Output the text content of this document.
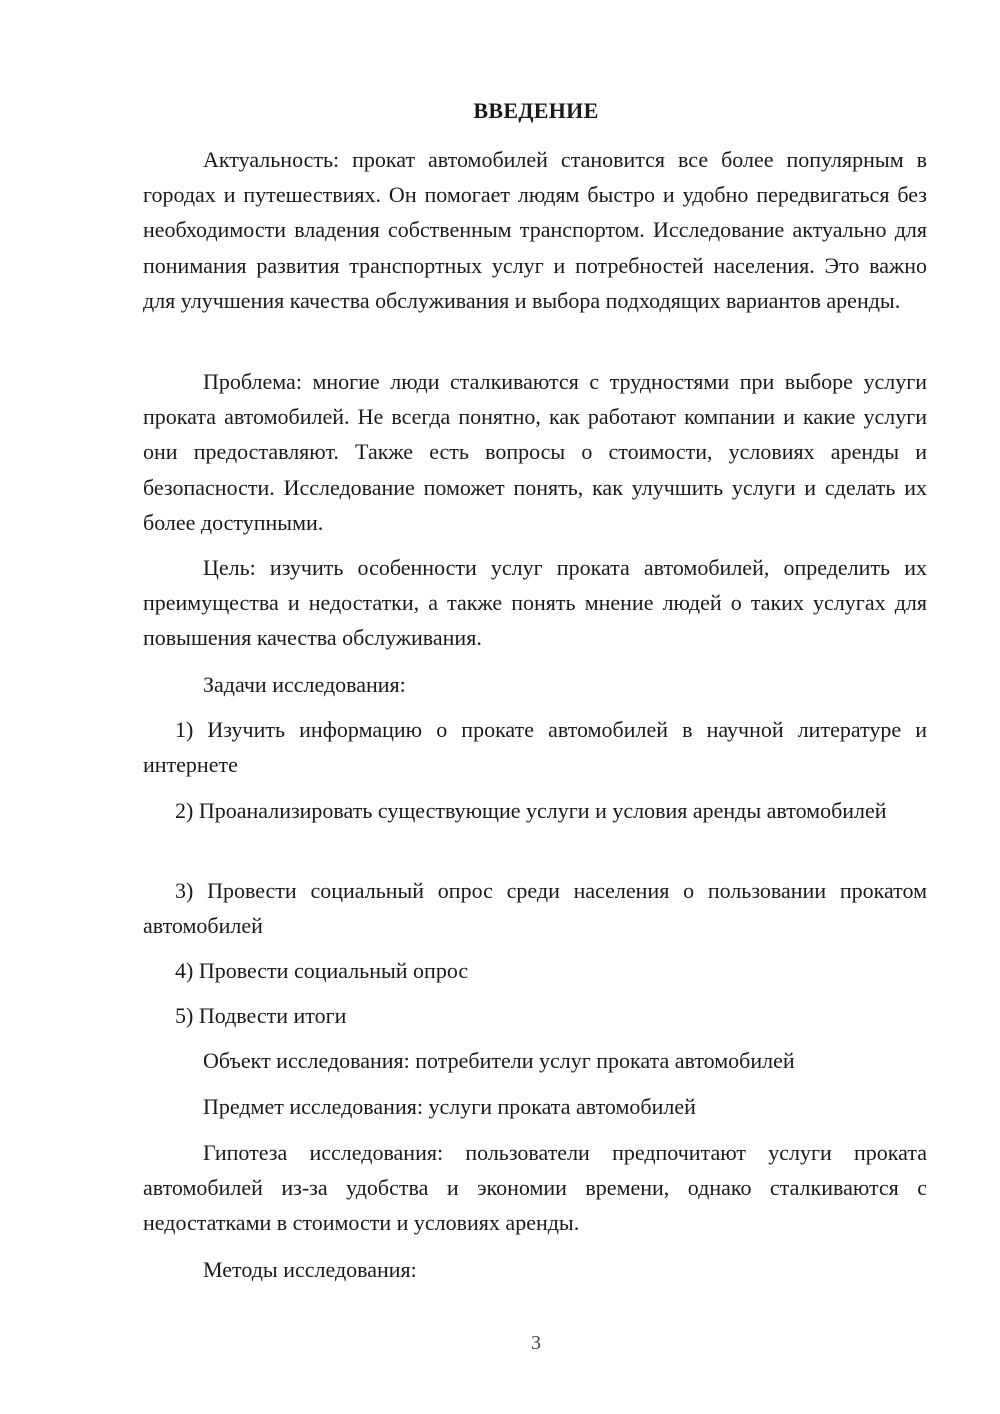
ВВЕДЕНИЕ

Актуальность: прокат автомобилей становится все более популярным в городах и путешествиях. Он помогает людям быстро и удобно передвигаться без необходимости владения собственным транспортом. Исследование актуально для понимания развития транспортных услуг и потребностей населения. Это важно для улучшения качества обслуживания и выбора подходящих вариантов аренды.

Проблема: многие люди сталкиваются с трудностями при выборе услуги проката автомобилей. Не всегда понятно, как работают компании и какие услуги они предоставляют. Также есть вопросы о стоимости, условиях аренды и безопасности. Исследование поможет понять, как улучшить услуги и сделать их более доступными.

Цель: изучить особенности услуг проката автомобилей, определить их преимущества и недостатки, а также понять мнение людей о таких услугах для повышения качества обслуживания.

Задачи исследования:

1) Изучить информацию о прокате автомобилей в научной литературе и интернете

2) Проанализировать существующие услуги и условия аренды автомобилей

3) Провести социальный опрос среди населения о пользовании прокатом автомобилей

4) Провести социальный опрос
5) Подвести итоги
Объект исследования: потребители услуг проката автомобилей
Предмет исследования: услуги проката автомобилей

Гипотеза исследования: пользователи предпочитают услуги проката автомобилей из-за удобства и экономии времени, однако сталкиваются с недостатками в стоимости и условиях аренды.

Методы исследования:
3
